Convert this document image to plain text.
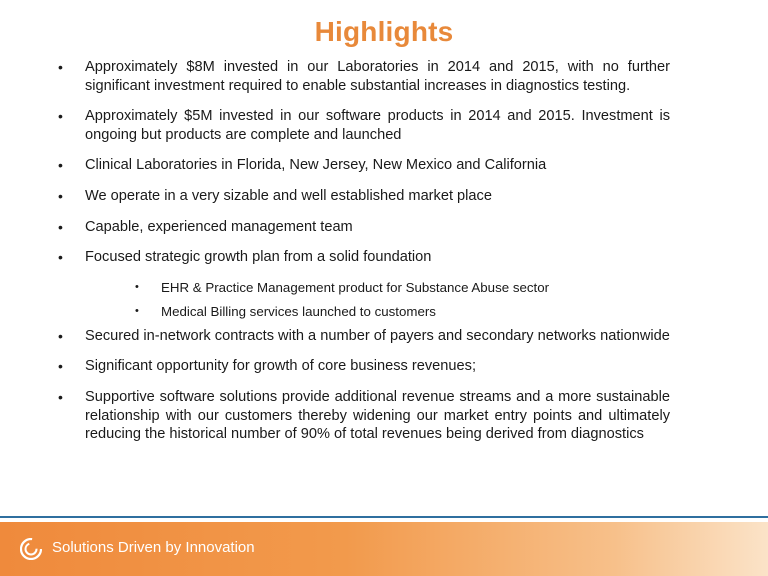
Highlights
• Approximately $8M invested in our Laboratories in 2014 and 2015, with no further significant investment required to enable substantial increases in diagnostics testing.
• Approximately $5M invested in our software products in 2014 and 2015. Investment is ongoing but products are complete and launched
• Clinical Laboratories in Florida, New Jersey, New Mexico and California
• We operate in a very sizable and well established market place
• Capable, experienced management team
• Focused strategic growth plan from a solid foundation
• EHR & Practice Management product for Substance Abuse sector
• Medical Billing services launched to customers
• Secured in-network contracts with a number of payers and secondary networks nationwide
• Significant opportunity for growth of core business revenues;
• Supportive software solutions provide additional revenue streams and a more sustainable relationship with our customers thereby widening our market entry points and ultimately reducing the historical number of 90% of total revenues being derived from diagnostics
Solutions Driven by Innovation
